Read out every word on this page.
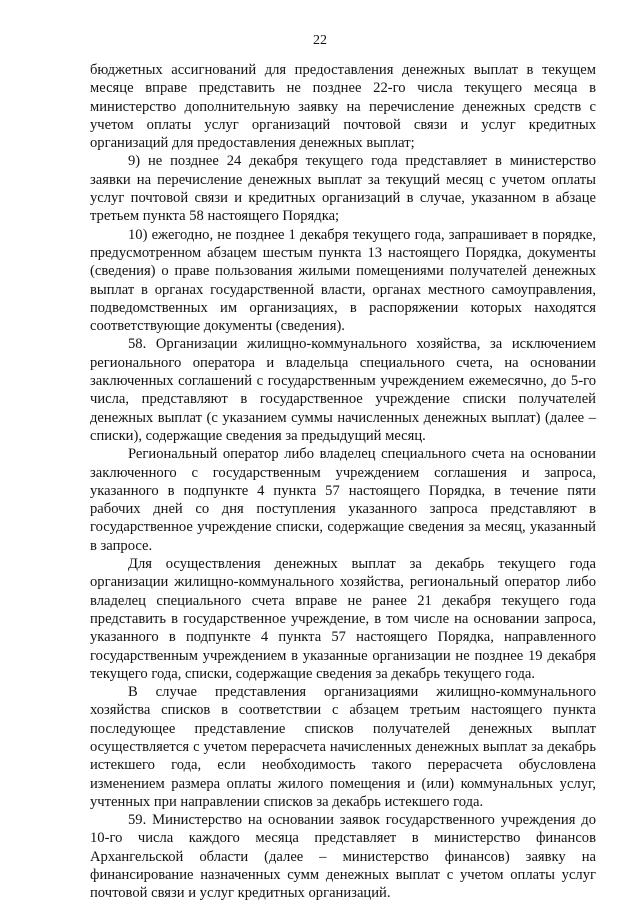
22

бюджетных ассигнований для предоставления денежных выплат в текущем месяце вправе представить не позднее 22-го числа текущего месяца в министерство дополнительную заявку на перечисление денежных средств с учетом оплаты услуг организаций почтовой связи и услуг кредитных организаций для предоставления денежных выплат;

9) не позднее 24 декабря текущего года представляет в министерство заявки на перечисление денежных выплат за текущий месяц с учетом оплаты услуг почтовой связи и кредитных организаций в случае, указанном в абзаце третьем пункта 58 настоящего Порядка;

10) ежегодно, не позднее 1 декабря текущего года, запрашивает в порядке, предусмотренном абзацем шестым пункта 13 настоящего Порядка, документы (сведения) о праве пользования жилыми помещениями получателей денежных выплат в органах государственной власти, органах местного самоуправления, подведомственных им организациях, в распоряжении которых находятся соответствующие документы (сведения).

58. Организации жилищно-коммунального хозяйства, за исключением регионального оператора и владельца специального счета, на основании заключенных соглашений с государственным учреждением ежемесячно, до 5-го числа, представляют в государственное учреждение списки получателей денежных выплат (с указанием суммы начисленных денежных выплат) (далее – списки), содержащие сведения за предыдущий месяц.

Региональный оператор либо владелец специального счета на основании заключенного с государственным учреждением соглашения и запроса, указанного в подпункте 4 пункта 57 настоящего Порядка, в течение пяти рабочих дней со дня поступления указанного запроса представляют в государственное учреждение списки, содержащие сведения за месяц, указанный в запросе.

Для осуществления денежных выплат за декабрь текущего года организации жилищно-коммунального хозяйства, региональный оператор либо владелец специального счета вправе не ранее 21 декабря текущего года представить в государственное учреждение, в том числе на основании запроса, указанного в подпункте 4 пункта 57 настоящего Порядка, направленного государственным учреждением в указанные организации не позднее 19 декабря текущего года, списки, содержащие сведения за декабрь текущего года.

В случае представления организациями жилищно-коммунального хозяйства списков в соответствии с абзацем третьим настоящего пункта последующее представление списков получателей денежных выплат осуществляется с учетом перерасчета начисленных денежных выплат за декабрь истекшего года, если необходимость такого перерасчета обусловлена изменением размера оплаты жилого помещения и (или) коммунальных услуг, учтенных при направлении списков за декабрь истекшего года.

59. Министерство на основании заявок государственного учреждения до 10-го числа каждого месяца представляет в министерство финансов Архангельской области (далее – министерство финансов) заявку на финансирование назначенных сумм денежных выплат с учетом оплаты услуг почтовой связи и услуг кредитных организаций.
